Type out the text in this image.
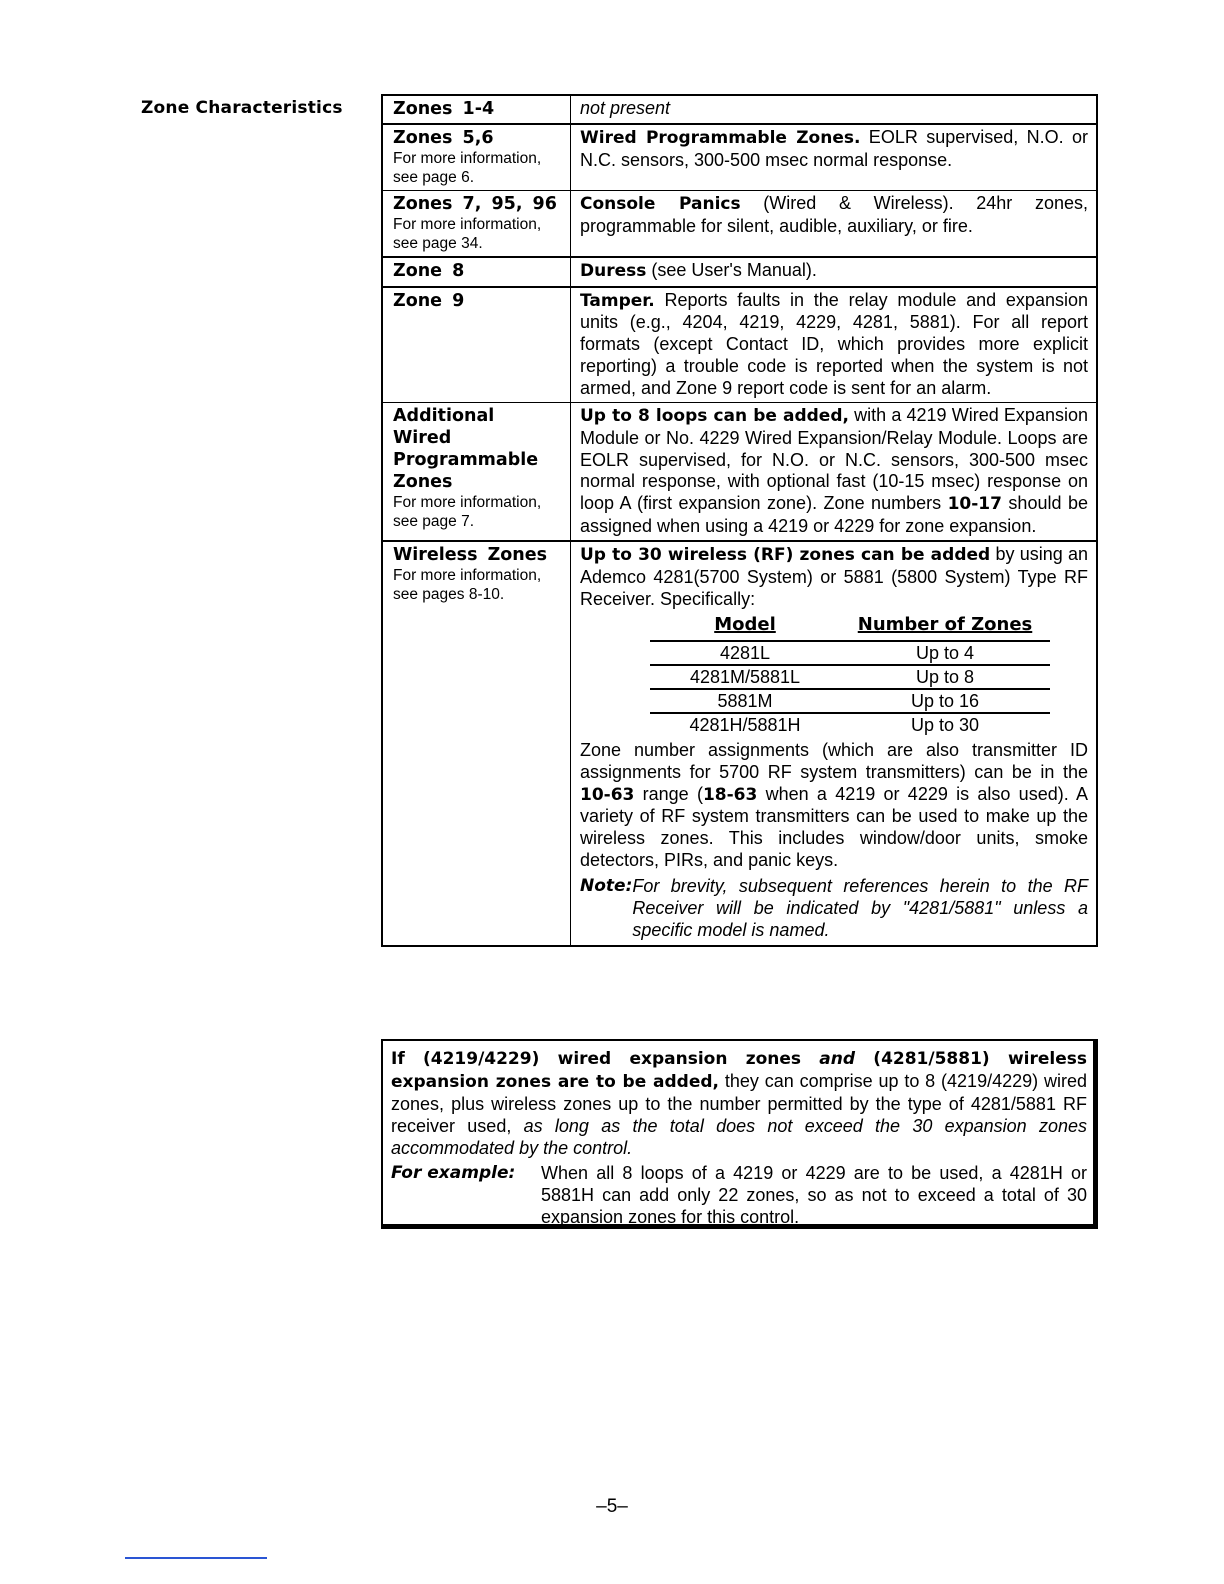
Zone Characteristics	Zones 1-4	not present

Zones 5,6
For more information, see page 6.
	Wired Programmable Zones. EOLR supervised, N.O. or N.C. sensors, 300-500 msec normal response.

Zones 7, 95, 96
For more information, see page 34.
	Console Panics (Wired & Wireless). 24hr zones, programmable for silent, audible, auxiliary, or fire.

Zone 8	Duress (see User's Manual).

Zone 9	Tamper. Reports faults in the relay module and expansion units (e.g., 4204, 4219, 4229, 4281, 5881). For all report formats (except Contact ID, which provides more explicit reporting) a trouble code is reported when the system is not armed, and Zone 9 report code is sent for an alarm.

Additional Wired Programmable Zones
For more information, see page 7.
	Up to 8 loops can be added, with a 4219 Wired Expansion Module or No. 4229 Wired Expansion/Relay Module. Loops are EOLR supervised, for N.O. or N.C. sensors, 300-500 msec normal response, with optional fast (10-15 msec) response on loop A (first expansion zone). Zone numbers 10-17 should be assigned when using a 4219 or 4229 for zone expansion.

Wireless Zones
For more information, see pages 8-10.

Up to 30 wireless (RF) zones can be added by using an Ademco 4281(5700 System) or 5881 (5800 System) Type RF Receiver. Specifically:

Model	Number of Zones
4281L	Up to 4
4281M/5881L	Up to 8
5881M	Up to 16
4281H/5881H	Up to 30

Zone number assignments (which are also transmitter ID assignments for 5700 RF system transmitters) can be in the 10-63 range (18-63 when a 4219 or 4229 is also used). A variety of RF system transmitters can be used to make up the wireless zones. This includes window/door units, smoke detectors, PIRs, and panic keys.

Note: For brevity, subsequent references herein to the RF Receiver will be indicated by "4281/5881" unless a specific model is named.
If (4219/4229) wired expansion zones and (4281/5881) wireless expansion zones are to be added, they can comprise up to 8 (4219/4229) wired zones, plus wireless zones up to the number permitted by the type of 4281/5881 RF receiver used, as long as the total does not exceed the 30 expansion zones accommodated by the control.
For example:	When all 8 loops of a 4219 or 4229 are to be used, a 4281H or 5881H can add only 22 zones, so as not to exceed a total of 30 expansion zones for this control.
–5–
